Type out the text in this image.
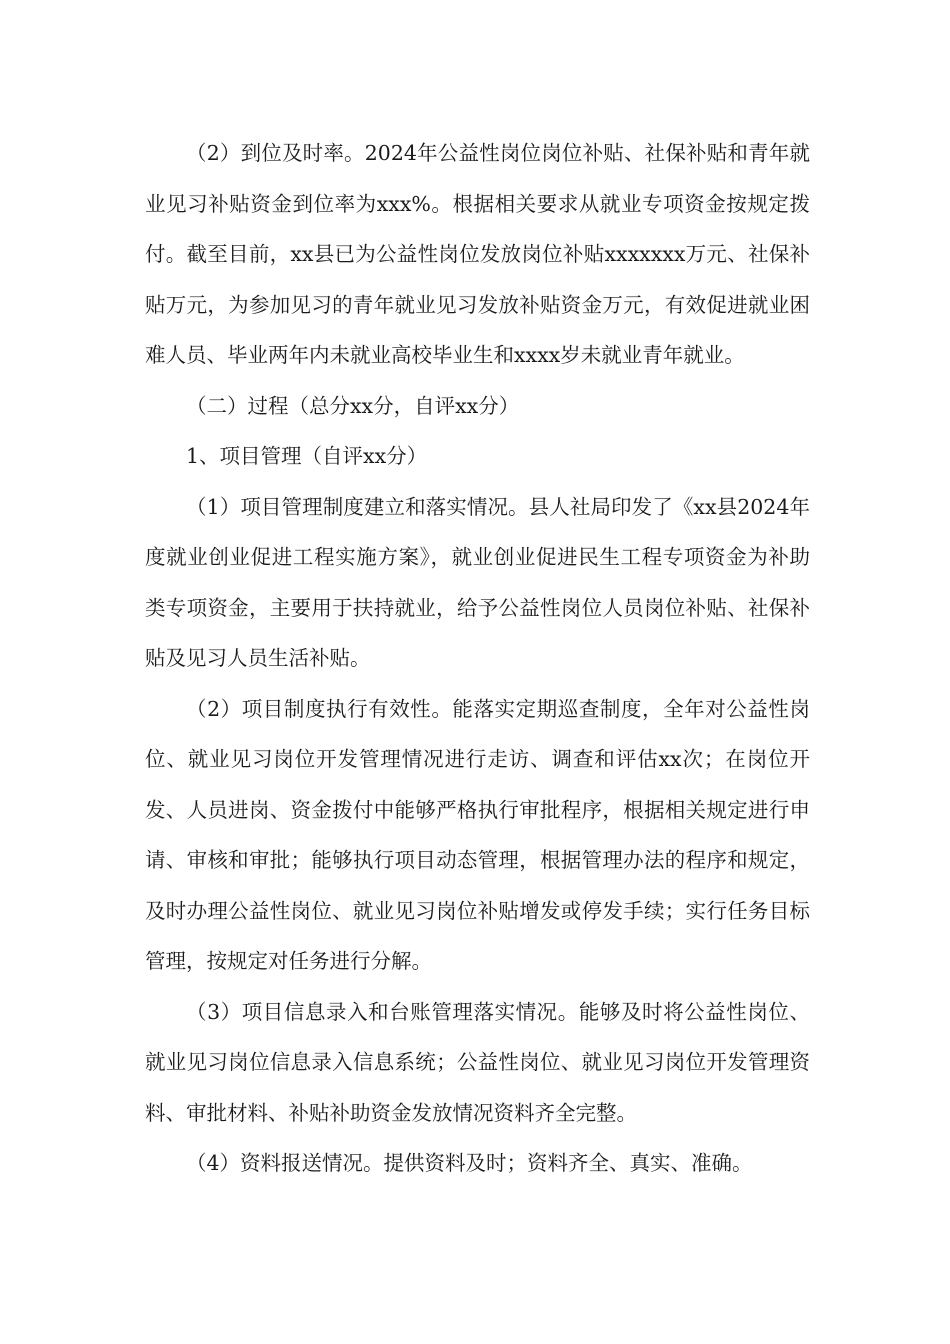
（2）到位及时率。2024年公益性岗位岗位补贴、社保补贴和青年就业见习补贴资金到位率为xxx%。根据相关要求从就业专项资金按规定拨付。截至目前，xx县已为公益性岗位发放岗位补贴xxxxxxx万元、社保补贴万元，为参加见习的青年就业见习发放补贴资金万元，有效促进就业困难人员、毕业两年内未就业高校毕业生和xxxx岁未就业青年就业。

（二）过程（总分xx分，自评xx分）

1、项目管理（自评xx分）

（1）项目管理制度建立和落实情况。县人社局印发了《xx县2024年度就业创业促进工程实施方案》，就业创业促进民生工程专项资金为补助类专项资金，主要用于扶持就业，给予公益性岗位人员岗位补贴、社保补贴及见习人员生活补贴。

（2）项目制度执行有效性。能落实定期巡查制度，全年对公益性岗位、就业见习岗位开发管理情况进行走访、调查和评估xx次；在岗位开发、人员进岗、资金拨付中能够严格执行审批程序，根据相关规定进行申请、审核和审批；能够执行项目动态管理，根据管理办法的程序和规定，及时办理公益性岗位、就业见习岗位补贴增发或停发手续；实行任务目标管理，按规定对任务进行分解。

（3）项目信息录入和台账管理落实情况。能够及时将公益性岗位、就业见习岗位信息录入信息系统；公益性岗位、就业见习岗位开发管理资料、审批材料、补贴补助资金发放情况资料齐全完整。

（4）资料报送情况。提供资料及时；资料齐全、真实、准确。
